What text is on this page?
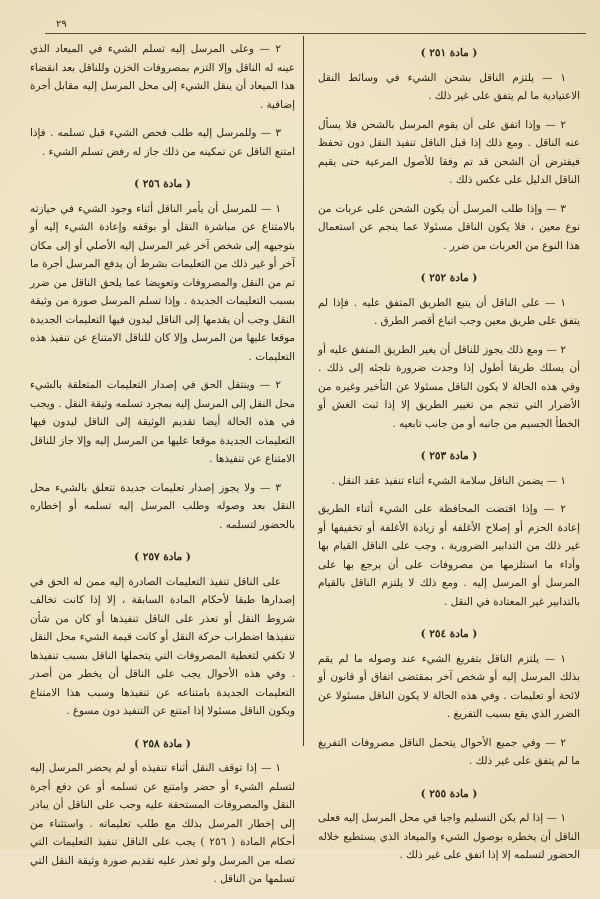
٢٩
( مادة ٢٥١ )

١ — يلتزم الناقل بشحن الشيء في وسائط النقل الاعتيادية ما لم يتفق على غير ذلك .

٢ — وإذا اتفق على أن يقوم المرسل بالشحن فلا يسأل عنه الناقل . ومع ذلك إذا قبل الناقل تنفيذ النقل دون تحفظ فيفترض أن الشحن قد تم وفقا للأصول المرعية حتى يقيم الناقل الدليل على عكس ذلك .

٣ — وإذا طلب المرسل أن يكون الشحن على عربات من نوع معين ، فلا يكون الناقل مسئولا عما ينجم عن استعمال هذا النوع من العربات من ضرر .

( مادة ٢٥٢ )

١ — على الناقل أن يتبع الطريق المتفق عليه . فإذا لم يتفق على طريق معين وجب اتباع أقصر الطرق .

٢ — ومع ذلك يجوز للناقل أن يغير الطريق المتفق عليه أو أن يسلك طريقا أطول إذا وجدت ضرورة تلجئه إلى ذلك . وفي هذه الحالة لا يكون الناقل مسئولا عن التأخير وغيره من الأضرار التي تنجم من تغيير الطريق إلا إذا ثبت الغش أو الخطأ الجسيم من جانبه أو من جانب تابعيه .

( مادة ٢٥٣ )

١ — يضمن الناقل سلامة الشيء أثناء تنفيذ عقد النقل .

٢ — وإذا اقتضت المحافظة على الشيء أثناء الطريق إعادة الحزم أو إصلاح الأغلفة أو زيادة الأغلفة أو تخفيفها أو غير ذلك من التدابير الضرورية ، وجب على الناقل القيام بها وأداء ما استلزمها من مصروفات على أن يرجع بها على المرسل أو المرسل إليه . ومع ذلك لا يلتزم الناقل بالقيام بالتدابير غير المعتادة في النقل .

( مادة ٢٥٤ )

١ — يلتزم الناقل بتفريغ الشيء عند وصوله ما لم يقم بذلك المرسل إليه أو شخص آخر بمقتضى اتفاق أو قانون أو لائحة أو تعليمات . وفي هذه الحالة لا يكون الناقل مسئولا عن الضرر الذي يقع بسبب التفريغ .

٢ — وفي جميع الأحوال يتحمل الناقل مصروفات التفريغ ما لم يتفق على غير ذلك .

( مادة ٢٥٥ )

١ — إذا لم يكن التسليم واجبا في محل المرسل إليه فعلى الناقل أن يخطره بوصول الشيء والميعاد الذي يستطيع خلاله الحضور لتسلمه إلا إذا اتفق على غير ذلك .

٢ — وعلى المرسل إليه تسلم الشيء في الميعاد الذي عينه له الناقل وإلا التزم بمصروفات الخزن وللناقل بعد انقضاء هذا الميعاد أن ينقل الشيء إلى محل المرسل إليه مقابل أجرة إضافية .

٣ — وللمرسل إليه طلب فحص الشيء قبل تسلمه . فإذا امتنع الناقل عن تمكينه من ذلك جاز له رفض تسلم الشيء .

( مادة ٢٥٦ )

١ — للمرسل أن يأمر الناقل أثناء وجود الشيء في حيازته بالامتناع عن مباشرة النقل أو بوقفه وإعادة الشيء إليه أو بتوجيهه إلى شخص آخر غير المرسل إليه الأصلي أو إلى مكان آخر أو غير ذلك من التعليمات بشرط أن يدفع المرسل أجرة ما تم من النقل والمصروفات وتعويضا عما يلحق الناقل من ضرر بسبب التعليمات الجديدة . وإذا تسلم المرسل صورة من وثيقة النقل وجب أن يقدمها إلى الناقل ليدون فيها التعليمات الجديدة موقعا عليها من المرسل وإلا كان للناقل الامتناع عن تنفيذ هذه التعليمات .

٢ — وينتقل الحق في إصدار التعليمات المتعلقة بالشيء محل النقل إلى المرسل إليه بمجرد تسلمه وثيقة النقل . ويجب في هذه الحالة أيضا تقديم الوثيقة إلى الناقل ليدون فيها التعليمات الجديدة موقعا عليها من المرسل إليه وإلا جاز للناقل الامتناع عن تنفيذها .

٣ — ولا يجوز إصدار تعليمات جديدة تتعلق بالشيء محل النقل بعد وصوله وطلب المرسل إليه تسلمه أو إخطاره بالحضور لتسلمه .

( مادة ٢٥٧ )

على الناقل تنفيذ التعليمات الصادرة إليه ممن له الحق في إصدارها طبقا لأحكام المادة السابقة ، إلا إذا كانت تخالف شروط النقل أو تعذر على الناقل تنفيذها أو كان من شأن تنفيذها اضطراب حركة النقل أو كانت قيمة الشيء محل النقل لا تكفي لتغطية المصروفات التي يتحملها الناقل بسبب تنفيذها . وفي هذه الأحوال يجب على الناقل أن يخطر من أصدر التعليمات الجديدة بامتناعه عن تنفيذها وسبب هذا الامتناع ويكون الناقل مسئولا إذا امتنع عن التنفيذ دون مسوغ .

( مادة ٢٥٨ )

١ — إذا توقف النقل أثناء تنفيذه أو لم يحضر المرسل إليه لتسلم الشيء أو حضر وامتنع عن تسلمه أو عن دفع أجرة النقل والمصروفات المستحقة عليه وجب على الناقل أن يبادر إلى إخطار المرسل بذلك مع طلب تعليماته . واستثناء من أحكام المادة ( ٢٥٦ ) يجب على الناقل تنفيذ التعليمات التي تصله من المرسل ولو تعذر عليه تقديم صورة وثيقة النقل التي تسلمها من الناقل .
